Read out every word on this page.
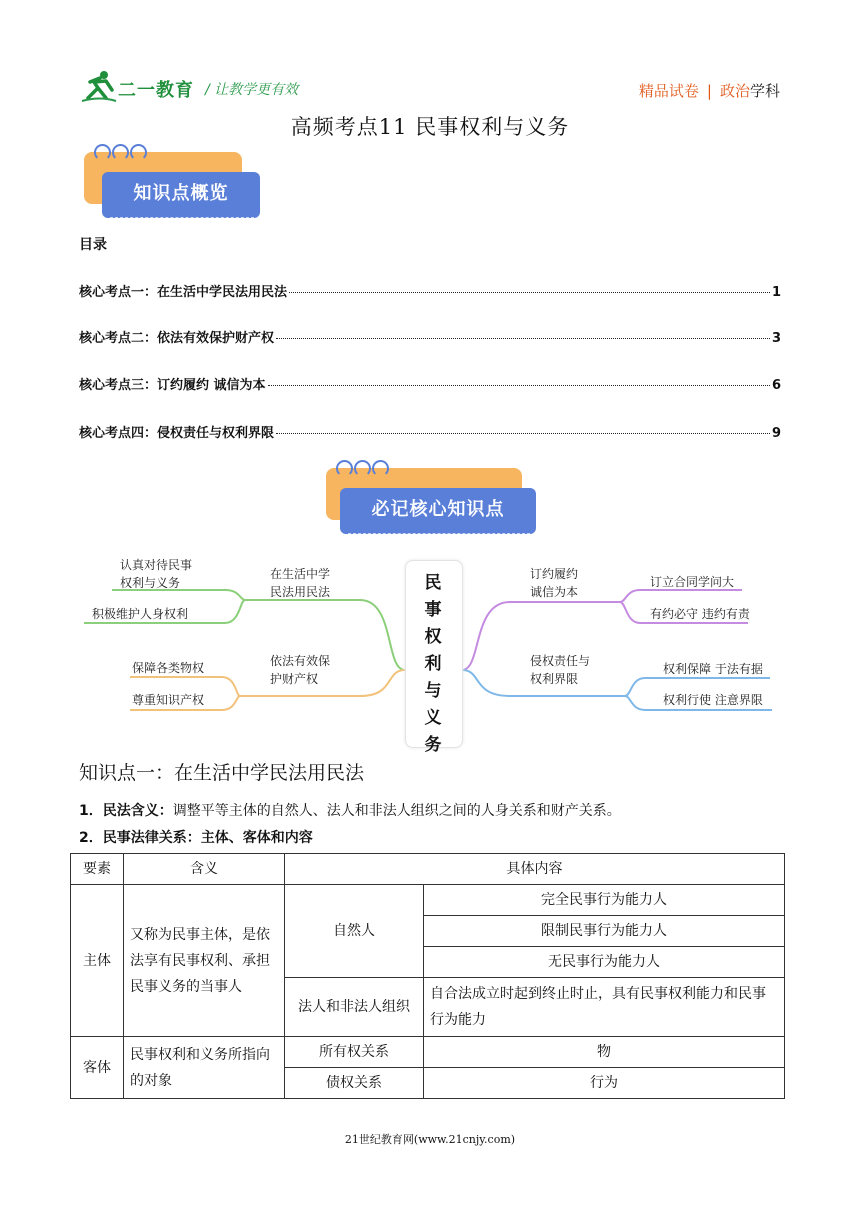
二一教育 / 让教学更有效	精品试卷 | 政治学科
高频考点11 民事权利与义务
知识点概览
目录
核心考点一：在生活中学民法用民法	1
核心考点二：依法有效保护财产权	3
核心考点三：订约履约 诚信为本	6
核心考点四：侵权责任与权利界限	9
必记核心知识点
民事权利与义务
在生活中学
民法用民法
认真对待民事
权利与义务
积极维护人身权利
依法有效保
护财产权
保障各类物权
尊重知识产权
订约履约
诚信为本
订立合同学问大
有约必守 违约有责
侵权责任与
权利界限
权利保障 于法有据
权利行使 注意界限
知识点一：在生活中学民法用民法
1．民法含义：调整平等主体的自然人、法人和非法人组织之间的人身关系和财产关系。
2．民事法律关系：主体、客体和内容
要素	含义	具体内容	
主体	又称为民事主体，是依法享有民事权利、承担民事义务的当事人	自然人	完全民事行为能力人
			限制民事行为能力人
			无民事行为能力人
		法人和非法人组织	自合法成立时起到终止时止，具有民事权利能力和民事行为能力
客体	民事权利和义务所指向的对象	所有权关系	物
		债权关系	行为
21世纪教育网(www.21cnjy.com)
